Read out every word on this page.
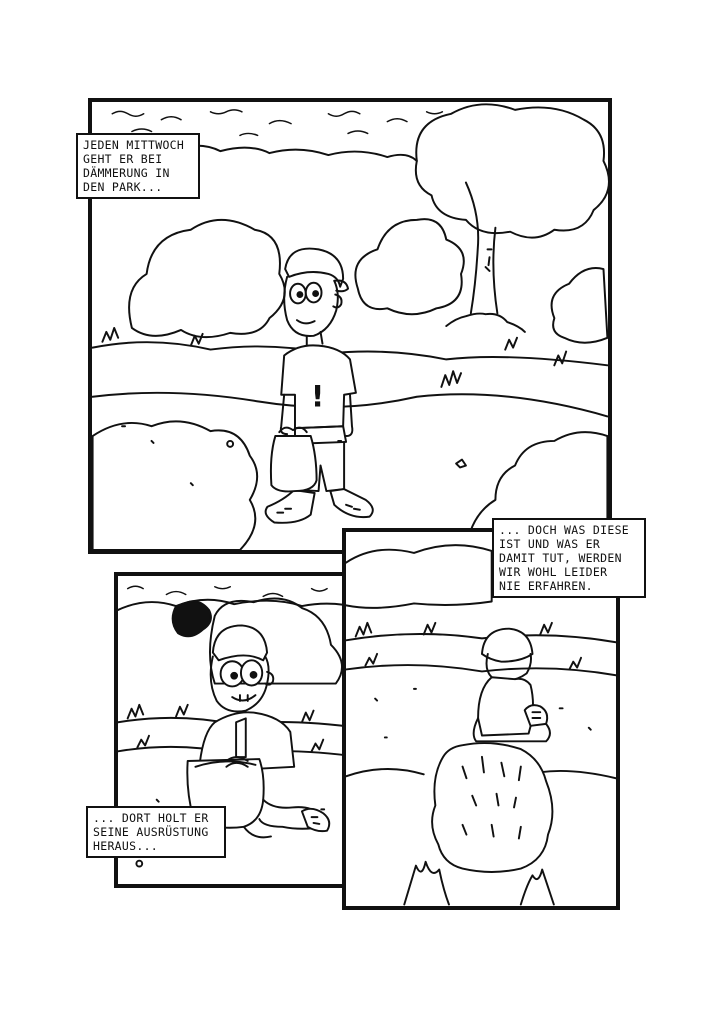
!
JEDEN MITTWOCH
GEHT ER BEI
DÄMMERUNG IN
DEN PARK...
... DORT HOLT ER
SEINE AUSRÜSTUNG
HERAUS...
... DOCH WAS DIESE
IST UND WAS ER
DAMIT TUT, WERDEN
WIR WOHL LEIDER
NIE ERFAHREN.
